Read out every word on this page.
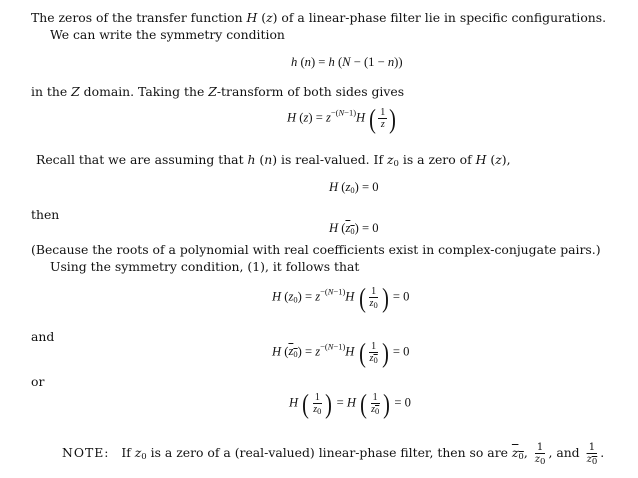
The zeros of the transfer function H (z) of a linear-phase filter lie in specific configurations.
We can write the symmetry condition
h (n) = h (N − (1 − n))
in the Z domain. Taking the Z-transform of both sides gives
H $(z) = z^{-(N-1)}H$ ( $\frac{1}{z}$ )
Recall that we are assuming that h (n) is real-valued. If $z_0$ is a zero of H (z),
H $(z_0) = 0$
then
H $(z_0) = 0$
(Because the roots of a polynomial with real coefficients exist in complex-conjugate pairs.)
Using the symmetry condition, (1), it follows that
H $(z_0) = z^{-(N-1)}H$ ( $\frac{1}{z_0}$ ) = 0
and
H $(z_0) = z^{-(N-1)}H$ ( $\frac{1}{z_0}$ ) = 0
or
H ( $\frac{1}{z_0}$ ) = H ( $\frac{1}{z_0}$ ) = 0
NOTE: If $z_0$ is a zero of a (real-valued) linear-phase filter, then so are $z_0$, $\frac{1}{z_0}$ , and $\frac{1}{z_0}$ .
